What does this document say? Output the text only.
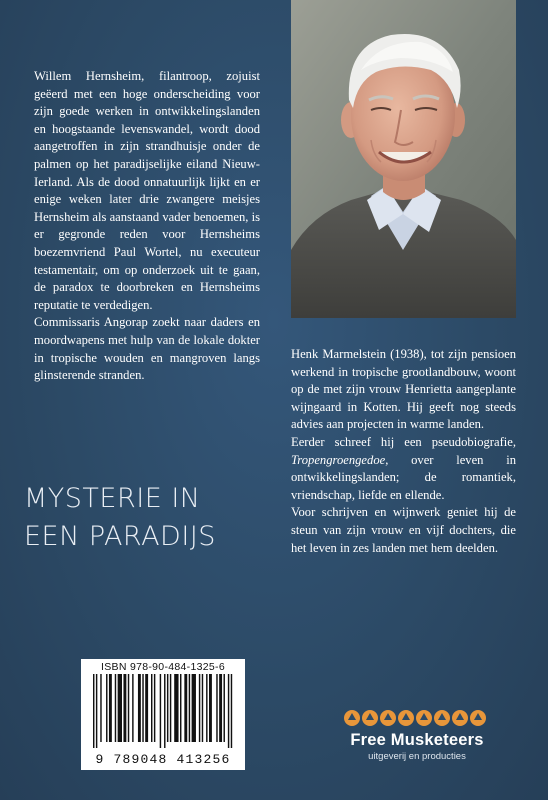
Willem Hernsheim, filantroop, zojuist geëerd met een hoge onderscheiding voor zijn goede werken in ontwikkelingslanden en hoogstaande levenswandel, wordt dood aangetroffen in zijn strandhuisje onder de palmen op het paradijselijke eiland Nieuw-Ierland. Als de dood onnatuurlijk lijkt en er enige weken later drie zwangere meisjes Hernsheim als aanstaand vader benoemen, is er gegronde reden voor Hernsheims boezemvriend Paul Wortel, nu executeur testamentair, om op onderzoek uit te gaan, de paradox te doorbreken en Hernsheims reputatie te verdedigen.

Commissaris Angorap zoekt naar daders en moordwapens met hulp van de lokale dokter in tropische wouden en mangroven langs glinsterende stranden.

MYSTERIE IN
EEN PARADIJS

Henk Marmelstein (1938), tot zijn pensioen werkend in tropische grootlandbouw, woont op de met zijn vrouw Henrietta aangeplante wijngaard in Kotten. Hij geeft nog steeds advies aan projecten in warme landen.

Eerder schreef hij een pseudobiografie, Tropengroengedoe, over leven in ontwikkelingslanden; de romantiek, vriendschap, liefde en ellende.

Voor schrijven en wijnwerk geniet hij de steun van zijn vrouw en vijf dochters, die het leven in zes landen met hem deelden.

ISBN 978-90-484-1325-6
9 789048 413256
Free Musketeers
uitgeverij en producties
